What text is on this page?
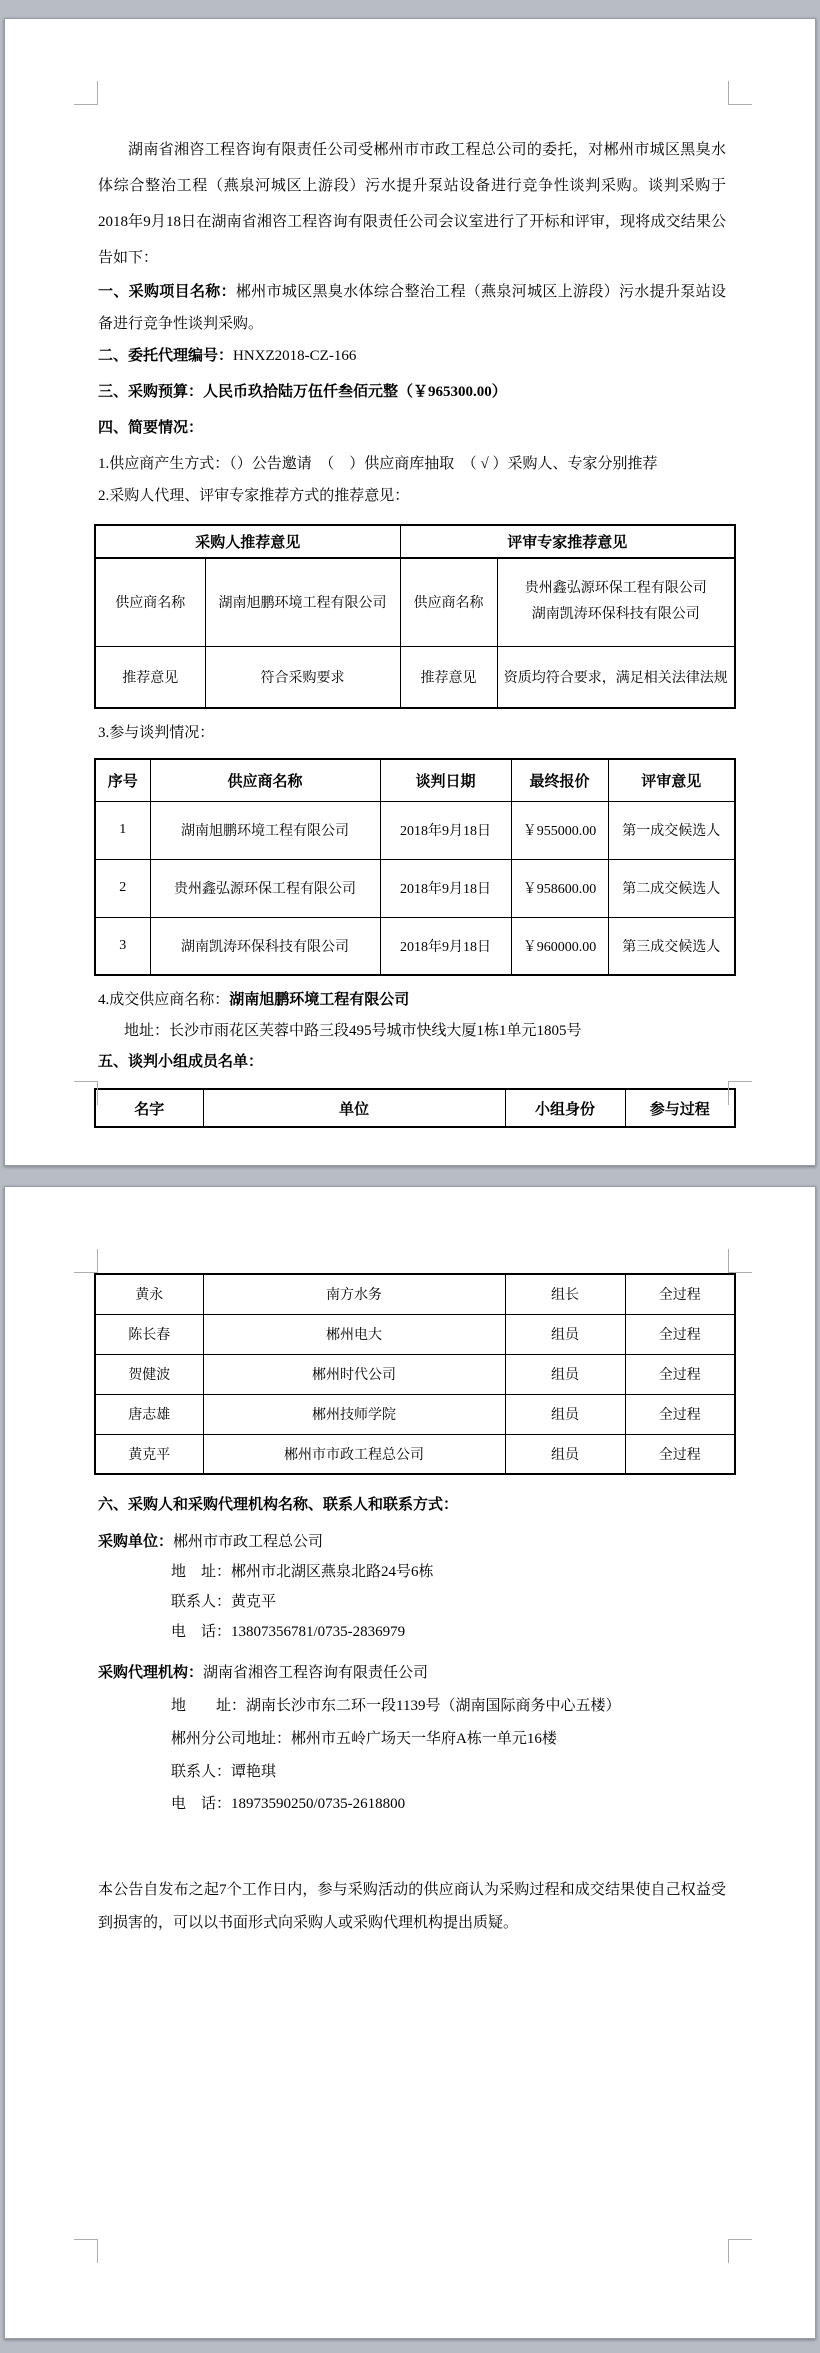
湖南省湘咨工程咨询有限责任公司受郴州市市政工程总公司的委托，对郴州市城区黑臭水体综合整治工程（燕泉河城区上游段）污水提升泵站设备进行竞争性谈判采购。谈判采购于2018年9月18日在湖南省湘咨工程咨询有限责任公司会议室进行了开标和评审，现将成交结果公告如下：

一、采购项目名称：郴州市城区黑臭水体综合整治工程（燕泉河城区上游段）污水提升泵站设备进行竞争性谈判采购。

二、委托代理编号：HNXZ2018-CZ-166

三、采购预算：人民币玖拾陆万伍仟叁佰元整（￥965300.00）

四、简要情况：

1.供应商产生方式：（）公告邀请　（　）供应商库抽取　（ √ ）采购人、专家分别推荐

2.采购人代理、评审专家推荐方式的推荐意见：

采购人推荐意见		评审专家推荐意见	
供应商名称	湖南旭鹏环境工程有限公司	供应商名称	贵州鑫弘源环保工程有限公司
湖南凯涛环保科技有限公司

推荐意见	符合采购要求	推荐意见	资质均符合要求，满足相关法律法规

3.参与谈判情况：

序号	供应商名称	谈判日期	最终报价	评审意见
1	湖南旭鹏环境工程有限公司	2018年9月18日	￥955000.00	第一成交候选人
2	贵州鑫弘源环保工程有限公司	2018年9月18日	￥958600.00	第二成交候选人
3	湖南凯涛环保科技有限公司	2018年9月18日	￥960000.00	第三成交候选人

4.成交供应商名称：湖南旭鹏环境工程有限公司

地址：长沙市雨花区芙蓉中路三段495号城市快线大厦1栋1单元1805号

五、谈判小组成员名单：

名字	单位	小组身份	参与过程
黄永	南方水务	组长	全过程
陈长春	郴州电大	组员	全过程
贺健波	郴州时代公司	组员	全过程
唐志雄	郴州技师学院	组员	全过程
黄克平	郴州市市政工程总公司	组员	全过程

六、采购人和采购代理机构名称、联系人和联系方式：

采购单位：郴州市市政工程总公司

地　址：郴州市北湖区燕泉北路24号6栋

联系人：黄克平

电　话：13807356781/0735-2836979

采购代理机构：湖南省湘咨工程咨询有限责任公司

地　　址：湖南长沙市东二环一段1139号（湖南国际商务中心五楼）

郴州分公司地址：郴州市五岭广场天一华府A栋一单元16楼

联系人：谭艳琪

电　话：18973590250/0735-2618800

本公告自发布之起7个工作日内，参与采购活动的供应商认为采购过程和成交结果使自己权益受到损害的，可以以书面形式向采购人或采购代理机构提出质疑。
